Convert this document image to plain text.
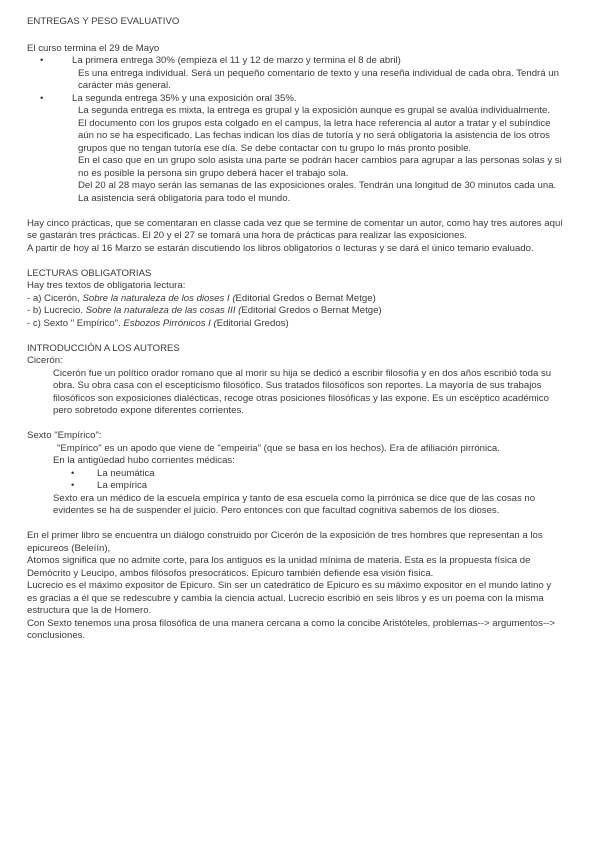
ENTREGAS Y PESO EVALUATIVO
El curso termina el 29 de Mayo
•	La primera entrega 30% (empieza el 11 y 12 de marzo y termina el 8 de abril)
Es una entrega individual. Será un pequeño comentario de texto y una reseña individual de cada obra. Tendrá un
carácter más general.
•	La segunda entrega 35% y una exposición oral 35%.
La segunda entrega es mixta, la entrega es grupal y la exposición aunque es grupal se avalúa individualmente.
El documento con los grupos esta colgado en el campus, la letra hace referencia al autor a tratar y el subíndice
aún no se ha especificado. Las fechas indican los días de tutoría y no será obligatoria la asistencia de los otros
grupos que no tengan tutoría ese día. Se debe contactar con tu grupo lo más pronto posible.
En el caso que en un grupo solo asista una parte se podrán hacer cambios para agrupar a las personas solas y si
no es posible la persona sin grupo deberá hacer el trabajo sola.
Del 20 al 28 mayo serán las semanas de las exposiciones orales. Tendrán una longitud de 30 minutos cada una.
La asistencia será obligatoria para todo el mundo.
Hay cinco prácticas, que se comentaran en classe cada vez que se termine de comentar un autor, como hay tres autores aquí
se gastarán tres prácticas. El 20 y el 27 se tomará una hora de prácticas para realizar las exposiciones.
A partir de hoy al 16 Marzo se estarán discutiendo los libros obligatorios o lecturas y se dará el único temario evaluado.
LECTURAS OBLIGATORIAS
Hay tres textos de obligatoria lectura:
- a) Cicerón, Sobre la naturaleza de los dioses I (Editorial Gredos o Bernat Metge)
- b) Lucrecio. Sobre la naturaleza de las cosas III (Editorial Gredos o Bernat Metge)
- c) Sexto " Empírico". Esbozos Pirrónicos I (Editorial Gredos)
INTRODUCCIÓN A LOS AUTORES
Cicerón:
Cicerón fue un político orador romano que al morir su hija se dedicó a escribir filosofía y en dos años escribió toda su
obra. Su obra casa con el escepticismo filosófico. Sus tratados filosóficos son reportes. La mayoría de sus trabajos
filosóficos son exposiciones dialécticas, recoge otras posiciones filosóficas y las expone. Es un escéptico académico
pero sobretodo expone diferentes corrientes.
Sexto "Empírico":
"Empírico" es un apodo que viene de "empeiria" (que se basa en los hechos). Era de afiliación pirrónica.
En la antigüedad hubo corrientes médicas:
• La neumática
• La empírica
Sexto era un médico de la escuela empírica y tanto de esa escuela como la pirrónica se dice que de las cosas no
evidentes se ha de suspender el juicio. Pero entonces con que facultad cognitiva sabemos de los dioses.
En el primer libro se encuentra un diálogo construido por Cicerón de la exposición de tres hombres que representan a los
epicureos (Beleíín),
Atomos significa que no admite corte, para los antiguos es la unidad mínima de materia. Esta es la propuesta física de
Demócrito y Leucipo, ambos filósofos presocráticos. Epicuro también defiende esa visión física.
Lucrecio es el máximo expositor de Epicuro. Sin ser un catedrático de Epicuro es su máximo expositor en el mundo latino y
es gracias a él que se redescubre y cambia la ciencia actual. Lucrecio escribió en seis libros y es un poema con la misma
estructura que la de Homero.
Con Sexto tenemos una prosa filosófica de una manera cercana a como la concibe Aristóteles, problemas--> argumentos-->
conclusiones.
